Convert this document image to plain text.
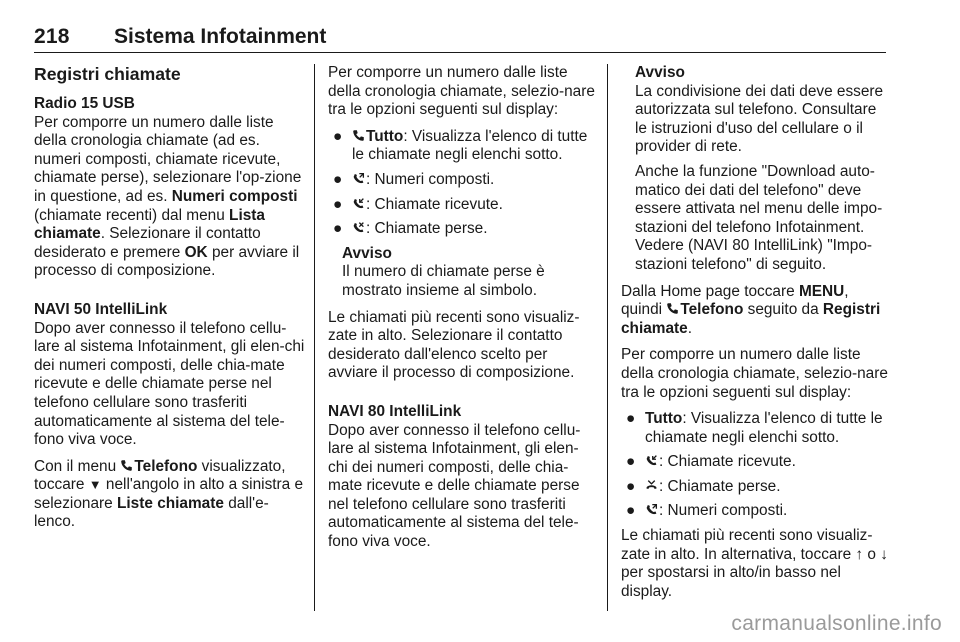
218 Sistema Infotainment
Registri chiamate
Radio 15 USB

Per comporre un numero dalle liste della cronologia chiamate (ad es. numeri composti, chiamate ricevute, chiamate perse), selezionare l'op-zione in questione, ad es. Numeri composti (chiamate recenti) dal menu Lista chiamate. Selezionare il contatto desiderato e premere OK per avviare il processo di composizione.

NAVI 50 IntelliLink

Dopo aver connesso il telefono cellu-lare al sistema Infotainment, gli elen-chi dei numeri composti, delle chia-mate ricevute e delle chiamate perse nel telefono cellulare sono trasferiti automaticamente al sistema del tele-fono viva voce.

Con il menu
Telefono visualizzato, toccare ▼ nell'angolo in alto a sinistra e selezionare Liste chiamate dall'e-lenco.

Per comporre un numero dalle liste della cronologia chiamate, selezio-nare tra le opzioni seguenti sul display:

● Tutto: Visualizza l'elenco di tutte le chiamate negli elenchi sotto.
● : Numeri composti.
● : Chiamate ricevute.
● : Chiamate perse.
Avviso

Il numero di chiamate perse è mostrato insieme al simbolo.

Le chiamati più recenti sono visualiz-zate in alto. Selezionare il contatto desiderato dall'elenco scelto per avviare il processo di composizione.

NAVI 80 IntelliLink

Dopo aver connesso il telefono cellu-lare al sistema Infotainment, gli elen-chi dei numeri composti, delle chia-mate ricevute e delle chiamate perse nel telefono cellulare sono trasferiti automaticamente al sistema del tele-fono viva voce.

Avviso

La condivisione dei dati deve essere autorizzata sul telefono. Consultare le istruzioni d'uso del cellulare o il provider di rete.

Anche la funzione "Download auto-matico dei dati del telefono" deve essere attivata nel menu delle impo-stazioni del telefono Infotainment. Vedere (NAVI 80 IntelliLink) "Impo-stazioni telefono" di seguito.

Dalla Home page toccare MENU, quindi
Telefono seguito da Registri chiamate.

Per comporre un numero dalle liste della cronologia chiamate, selezio-nare tra le opzioni seguenti sul display:

● Tutto: Visualizza l'elenco di tutte le chiamate negli elenchi sotto.
● : Chiamate ricevute.
● : Chiamate perse.
● : Numeri composti.

Le chiamati più recenti sono visualiz-zate in alto. In alternativa, toccare ↑ o ↓ per spostarsi in alto/in basso nel display.

carmanualsonline.info
